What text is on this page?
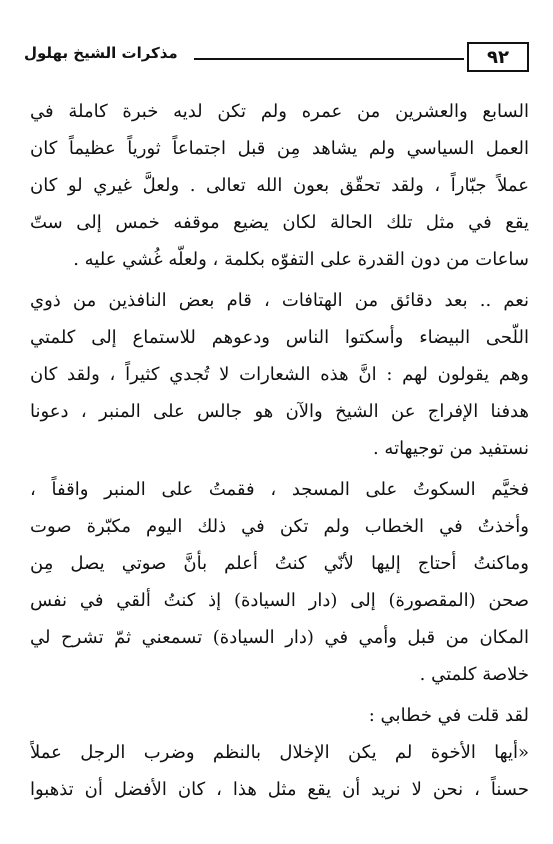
٩٢
مذكرات الشيخ بهلول
السابع والعشرين من عمره ولم تكن لديه خبرة كاملة في
العمل السياسي ولم يشاهد مِن قبل اجتماعاً ثورياً عظيماً كان
عملاً جبّاراً ، ولقد تحقّق بعون الله تعالى . ولعلَّ غيري لو كان
يقع في مثل تلك الحالة لكان يضيع موقفه خمس إلى ستّ
ساعات من دون القدرة على التفوّه بكلمة ، ولعلّه غُشي عليه .
نعم .. بعد دقائق من الهتافات ، قام بعض النافذين من ذوي
اللّحى البيضاء وأسكتوا الناس ودعوهم للاستماع إلى كلمتي
وهم يقولون لهم : انَّ هذه الشعارات لا تُجدي كثيراً ، ولقد كان
هدفنا الإفراج عن الشيخ والآن هو جالس على المنبر ، دعونا
نستفيد من توجيهاته .
فخيَّم السكوتُ على المسجد ، فقمتُ على المنبر واقفاً ،
وأخذتُ في الخطاب ولم تكن في ذلك اليوم مكبّرة صوت
وماكنتُ أحتاج إليها لأنّي كنتُ أعلم بأنَّ صوتي يصل مِن
صحن (المقصورة) إلى (دار السيادة) إذ كنتُ ألقي في نفس
المكان من قبل وأمي في (دار السيادة) تسمعني ثمّ تشرح لي
خلاصة كلمتي .
لقد قلت في خطابي :
«أيها الأخوة لم يكن الإخلال بالنظم وضرب الرجل عملاً
حسناً ، نحن لا نريد أن يقع مثل هذا ، كان الأفضل أن تذهبوا
